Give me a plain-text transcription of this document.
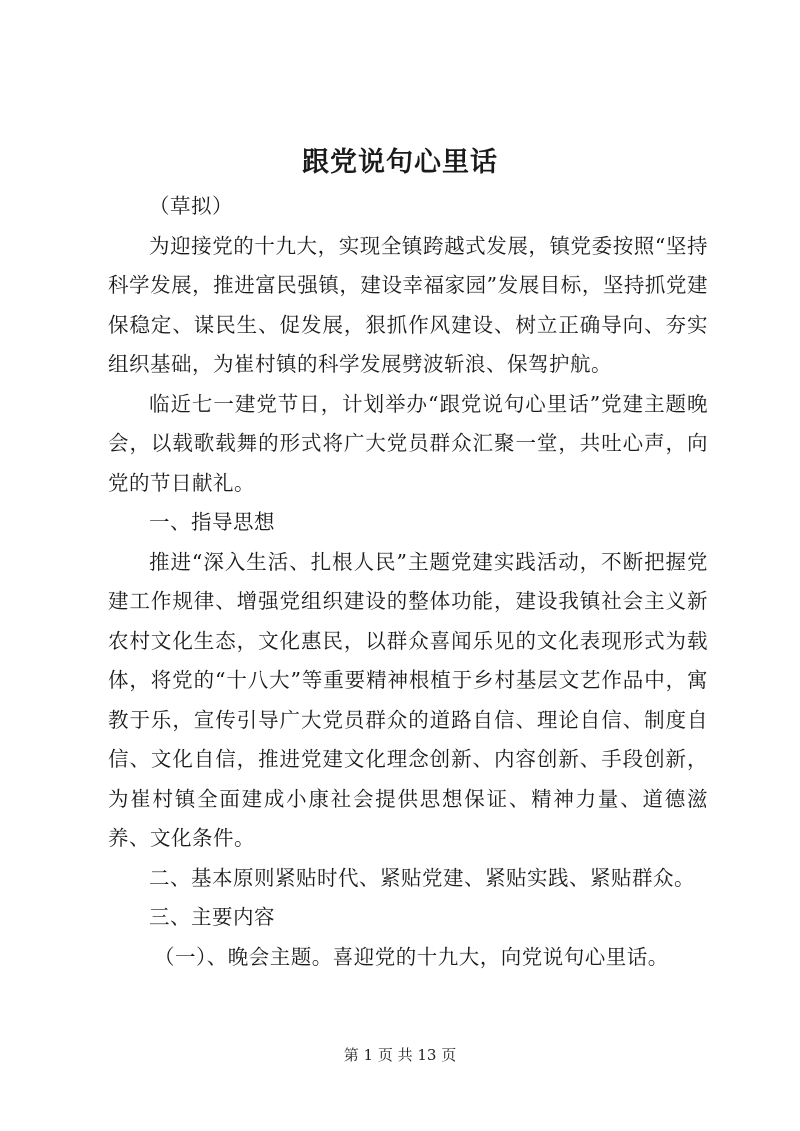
跟党说句心里话

（草拟）

为迎接党的十九大，实现全镇跨越式发展，镇党委按照“坚持科学发展，推进富民强镇，建设幸福家园”发展目标，坚持抓党建保稳定、谋民生、促发展，狠抓作风建设、树立正确导向、夯实组织基础，为崔村镇的科学发展劈波斩浪、保驾护航。

临近七一建党节日，计划举办“跟党说句心里话”党建主题晚会，以载歌载舞的形式将广大党员群众汇聚一堂，共吐心声，向党的节日献礼。

一、指导思想

推进“深入生活、扎根人民”主题党建实践活动，不断把握党建工作规律、增强党组织建设的整体功能，建设我镇社会主义新农村文化生态，文化惠民，以群众喜闻乐见的文化表现形式为载体，将党的“十八大”等重要精神根植于乡村基层文艺作品中，寓教于乐，宣传引导广大党员群众的道路自信、理论自信、制度自信、文化自信，推进党建文化理念创新、内容创新、手段创新，为崔村镇全面建成小康社会提供思想保证、精神力量、道德滋养、文化条件。

二、基本原则紧贴时代、紧贴党建、紧贴实践、紧贴群众。

三、主要内容

（一）、晚会主题。喜迎党的十九大，向党说句心里话。

第 1 页 共 13 页
